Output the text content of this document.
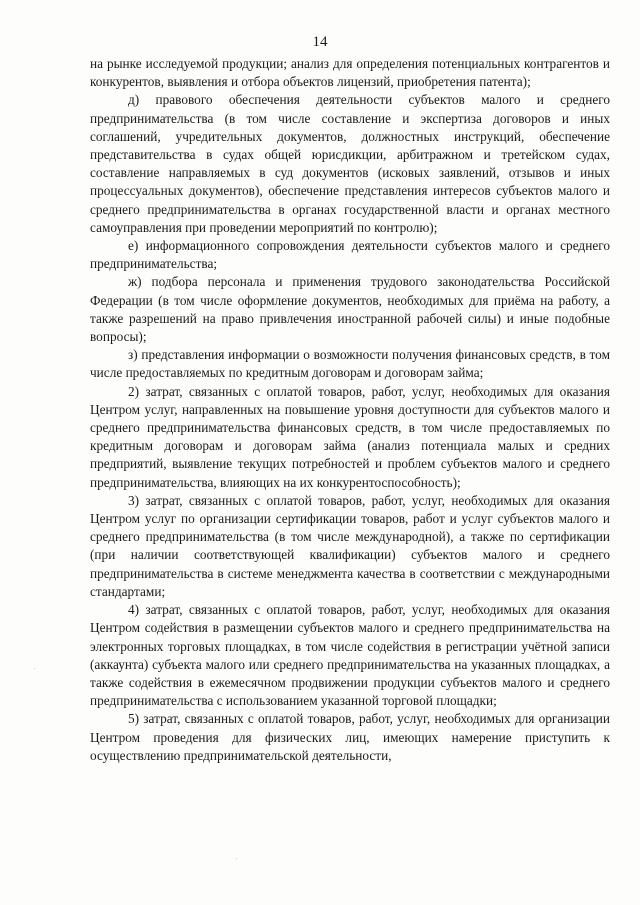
14

на рынке исследуемой продукции; анализ для определения потенциальных контрагентов и конкурентов, выявления и отбора объектов лицензий, приобретения патента);

д) правового обеспечения деятельности субъектов малого и среднего предпринимательства (в том числе составление и экспертиза договоров и иных соглашений, учредительных документов, должностных инструкций, обеспечение представительства в судах общей юрисдикции, арбитражном и третейском судах, составление направляемых в суд документов (исковых заявлений, отзывов и иных процессуальных документов), обеспечение представления интересов субъектов малого и среднего предпринимательства в органах государственной власти и органах местного самоуправления при проведении мероприятий по контролю);

е) информационного сопровождения деятельности субъектов малого и среднего предпринимательства;

ж) подбора персонала и применения трудового законодательства Российской Федерации (в том числе оформление документов, необходимых для приёма на работу, а также разрешений на право привлечения иностранной рабочей силы) и иные подобные вопросы);

з) представления информации о возможности получения финансовых средств, в том числе предоставляемых по кредитным договорам и договорам займа;

2) затрат, связанных с оплатой товаров, работ, услуг, необходимых для оказания Центром услуг, направленных на повышение уровня доступности для субъектов малого и среднего предпринимательства финансовых средств, в том числе предоставляемых по кредитным договорам и договорам займа (анализ потенциала малых и средних предприятий, выявление текущих потребностей и проблем субъектов малого и среднего предпринимательства, влияющих на их конкурентоспособность);

3) затрат, связанных с оплатой товаров, работ, услуг, необходимых для оказания Центром услуг по организации сертификации товаров, работ и услуг субъектов малого и среднего предпринимательства (в том числе международной), а также по сертификации (при наличии соответствующей квалификации) субъектов малого и среднего предпринимательства в системе менеджмента качества в соответствии с международными стандартами;

4) затрат, связанных с оплатой товаров, работ, услуг, необходимых для оказания Центром содействия в размещении субъектов малого и среднего предпринимательства на электронных торговых площадках, в том числе содействия в регистрации учётной записи (аккаунта) субъекта малого или среднего предпринимательства на указанных площадках, а также содействия в ежемесячном продвижении продукции субъектов малого и среднего предпринимательства с использованием указанной торговой площадки;

5) затрат, связанных с оплатой товаров, работ, услуг, необходимых для организации Центром проведения для физических лиц, имеющих намерение приступить к осуществлению предпринимательской деятельности,
